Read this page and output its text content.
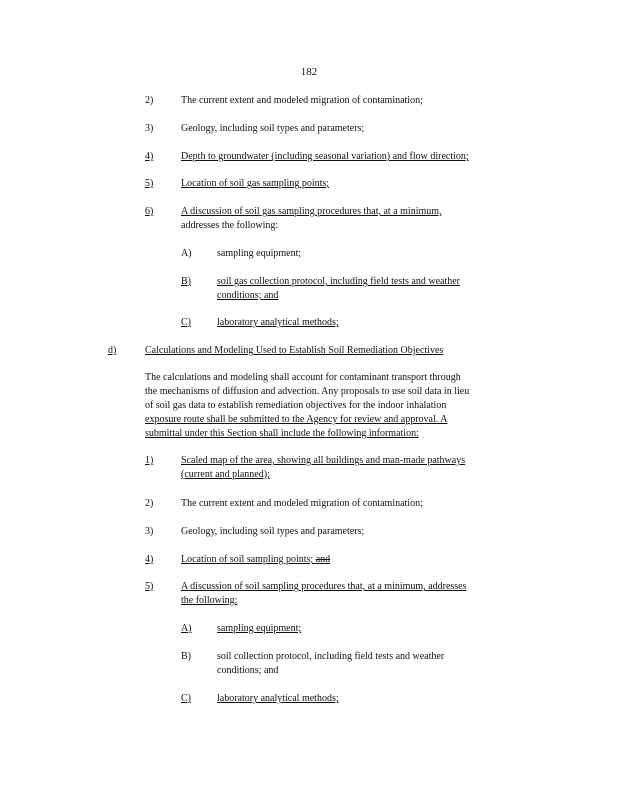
182
2)	The current extent and modeled migration of contamination;
3)	Geology, including soil types and parameters;
4)	Depth to groundwater (including seasonal variation) and flow direction;
5)	Location of soil gas sampling points;
6)	A discussion of soil gas sampling procedures that, at a minimum,
addresses the following:
A)	sampling equipment;
B)	soil gas collection protocol, including field tests and weather
conditions; and
C)	laboratory analytical methods;
d)	Calculations and Modeling Used to Establish Soil Remediation Objectives
The calculations and modeling shall account for contaminant transport through
the mechanisms of diffusion and advection. Any proposals to use soil data in lieu
of soil gas data to establish remediation objectives for the indoor inhalation
exposure route shall be submitted to the Agency for review and approval. A
submittal under this Section shall include the following information:
1)	Scaled map of the area, showing all buildings and man-made pathways
(current and planned);
2)	The current extent and modeled migration of contamination;
3)	Geology, including soil types and parameters;
4)	Location of soil sampling points; and
5)	A discussion of soil sampling procedures that, at a minimum, addresses
the following:
A)	sampling equipment;
B)	soil collection protocol, including field tests and weather
conditions; and
C)	laboratory analytical methods;
